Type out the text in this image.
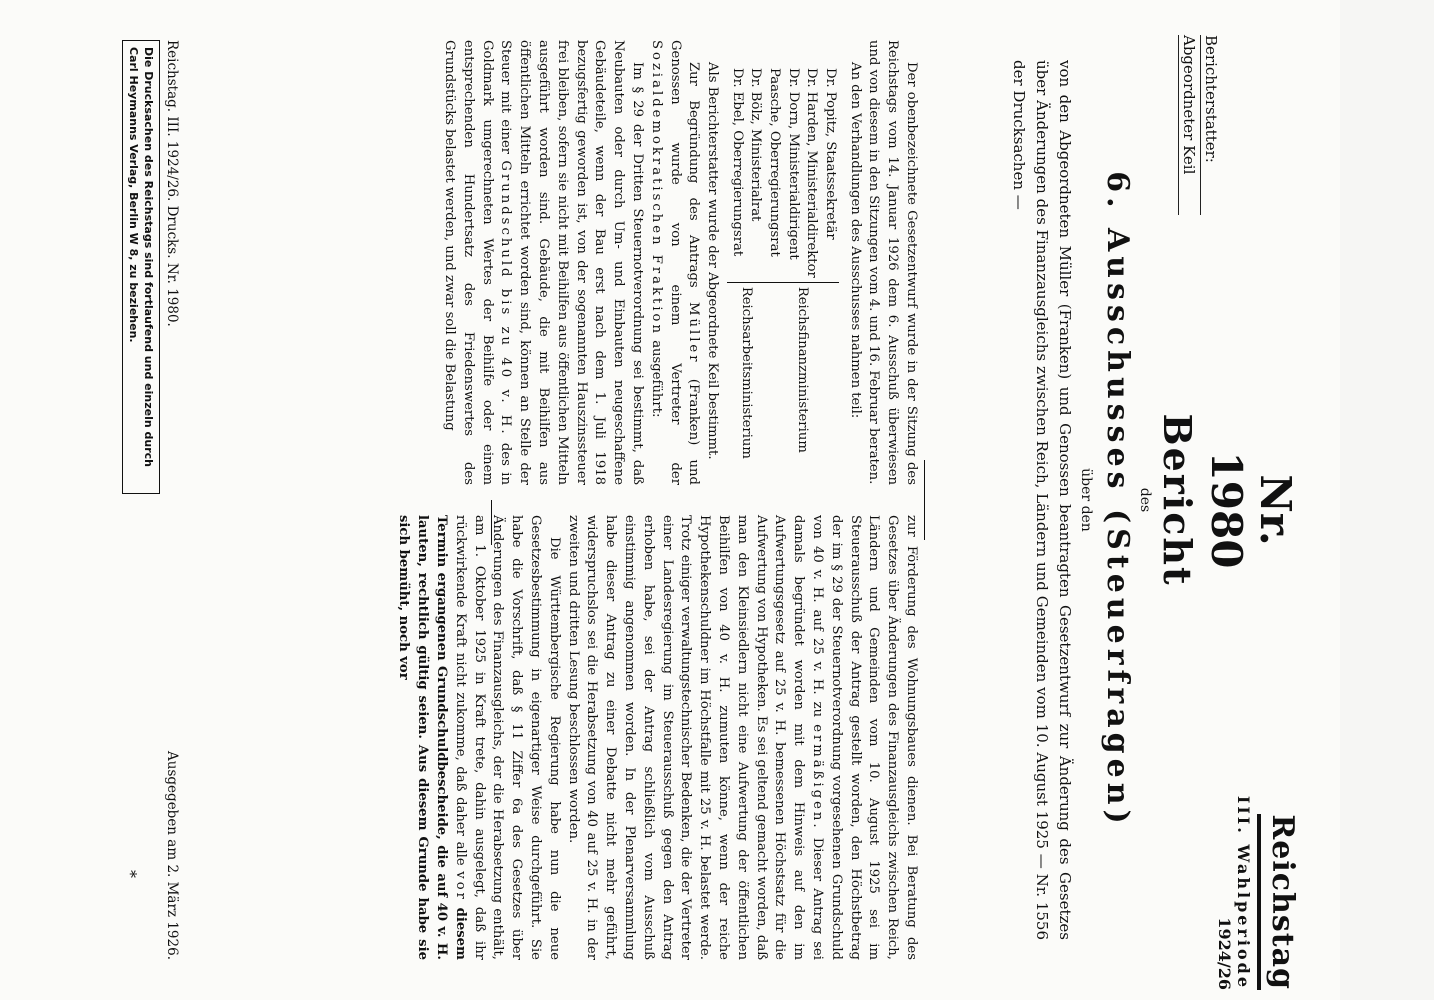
Reichstag
III. Wahlperiode
1924/26
Nr. 1980
Berichterstatter:
Abgeordneter Keil
Bericht
des
6. Ausschusses (Steuerfragen)
über den
von den Abgeordneten Müller (Franken) und Genossen beantragten Gesetzentwurf zur Änderung des Gesetzes über Änderungen des Finanzausgleichs zwischen Reich, Ländern und Gemeinden vom 10. August 1925 — Nr. 1556 der Drucksachen —

Der obenbezeichnete Gesetzentwurf wurde in der Sitzung des Reichstags vom 14. Januar 1926 dem 6. Ausschuß überwiesen und von diesem in den Sitzungen vom 4. und 16. Februar beraten.

An den Verhandlungen des Ausschusses nahmen teil:

Dr. Popitz, Staatssekretär	Reichsfinanzministerium
Dr. Harden, Ministerialdirektor	
Dr. Dorn, Ministerialdirigent	
Paasche, Oberregierungsrat	
Dr. Bölz, Ministerialrat	Reichsarbeitsministerium
Dr. Ebel, Oberregierungsrat	

Als Berichterstatter wurde der Abgeordnete Keil bestimmt.

Zur Begründung des Antrags Müller (Franken) und Genossen wurde von einem Vertreter der Sozialdemokratischen Fraktion ausgeführt:

Im § 29 der Dritten Steuernotverordnung sei bestimmt, daß Neubauten oder durch Um- und Einbauten neugeschaffene Gebäudeteile, wenn der Bau erst nach dem 1. Juli 1918 bezugsfertig geworden ist, von der sogenannten Hauszinssteuer frei bleiben, sofern sie nicht mit Beihilfen aus öffentlichen Mitteln ausgeführt worden sind. Gebäude, die mit Beihilfen aus öffentlichen Mitteln errichtet worden sind, können an Stelle der Steuer mit einer Grundschuld bis zu 40 v. H. des in Goldmark umgerechneten Wertes der Beihilfe oder einem entsprechenden Hundertsatz des Friedenswertes des Grundstücks belastet werden, und zwar soll die Belastung

zur Förderung des Wohnungsbaues dienen. Bei Beratung des Gesetzes über Änderungen des Finanzausgleichs zwischen Reich, Ländern und Gemeinden vom 10. August 1925 sei im Steuerausschuß der Antrag gestellt worden, den Höchstbetrag der im § 29 der Steuernotverordnung vorgesehenen Grundschuld von 40 v. H. auf 25 v. H. zu ermäßigen. Dieser Antrag sei damals begründet worden mit dem Hinweis auf den im Aufwertungsgesetz auf 25 v. H. bemessenen Höchstsatz für die Aufwertung von Hypotheken. Es sei geltend gemacht worden, daß man den Kleinsiedlern nicht eine Aufwertung der öffentlichen Beihilfen von 40 v. H. zumuten könne, wenn der reiche Hypothekenschuldner im Höchstfalle mit 25 v. H. belastet werde. Trotz einiger verwaltungstechnischer Bedenken, die der Vertreter einer Landesregierung im Steuerausschuß gegen den Antrag erhoben habe, sei der Antrag schließlich vom Ausschuß einstimmig angenommen worden. In der Plenarversammlung habe dieser Antrag zu einer Debatte nicht mehr geführt, widerspruchslos sei die Herabsetzung von 40 auf 25 v. H. in der zweiten und dritten Lesung beschlossen worden.

Die Württembergische Regierung habe nun die neue Gesetzesbestimmung in eigenartiger Weise durchgeführt. Sie habe die Vorschrift, daß § 11 Ziffer 6a des Gesetzes über Änderungen des Finanzausgleichs, der die Herabsetzung enthält, am 1. Oktober 1925 in Kraft trete, dahin ausgelegt, daß ihr rückwirkende Kraft nicht zukomme, daß daher alle vor diesem Termin ergangenen Grundschuldbescheide, die auf 40 v. H. lauten, rechtlich gültig seien. Aus diesem Grunde habe sie sich bemüht, noch vor

Reichstag. III. 1924/26. Drucks. Nr. 1980.
Ausgegeben am 2. März 1926.
Die Drucksachen des Reichstags sind fortlaufend und einzeln durch Carl Heymanns Verlag, Berlin W 8, zu beziehen.
*
